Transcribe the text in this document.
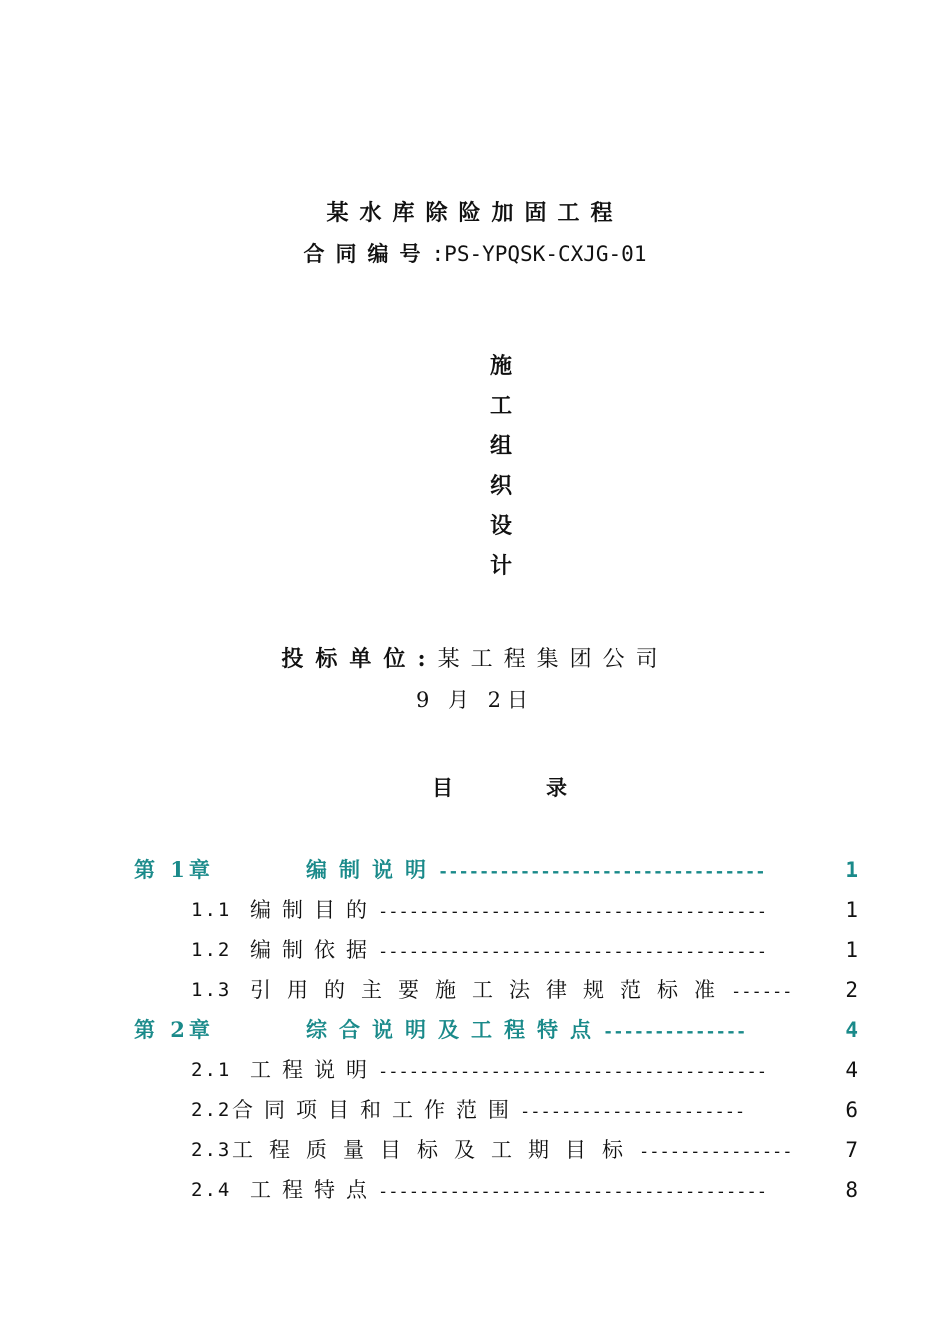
某水库除险加固工程
合同编号:PS-YPQSK-CXJG-01
施
工
组
织
设
计
投标单位:某工程集团公司
9 月 2日
目	录
第 1章	编制说明--------------------------------	1
1.1 编制目的--------------------------------------	1
1.2 编制依据--------------------------------------	1
1.3 引用的主要施工法律规范标准------	2
第 2章	综合说明及工程特点--------------	4
2.1 工程说明--------------------------------------	4
2.2 合同项目和工作范围----------------------	6
2.3 工程质量目标及工期目标---------------	7
2.4 工程特点--------------------------------------	8
